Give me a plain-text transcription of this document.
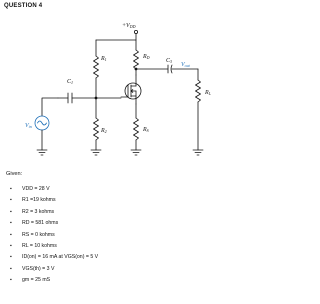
QUESTION 4
+VDD
R1	RD
C3
Vout
C1
RL
Vin
R2	RS
Given:
▪ VDD = 28 V
▪ R1 =19 kohms
▪ R2 = 3 kohms
▪ RD = 581 ohms
▪ RS = 0 kohms
▪ RL = 10 kohms
▪ ID(on) = 16 mA at VGS(on) = 5 V
▪ VGS(th) = 3 V
▪ gm = 25 mS
